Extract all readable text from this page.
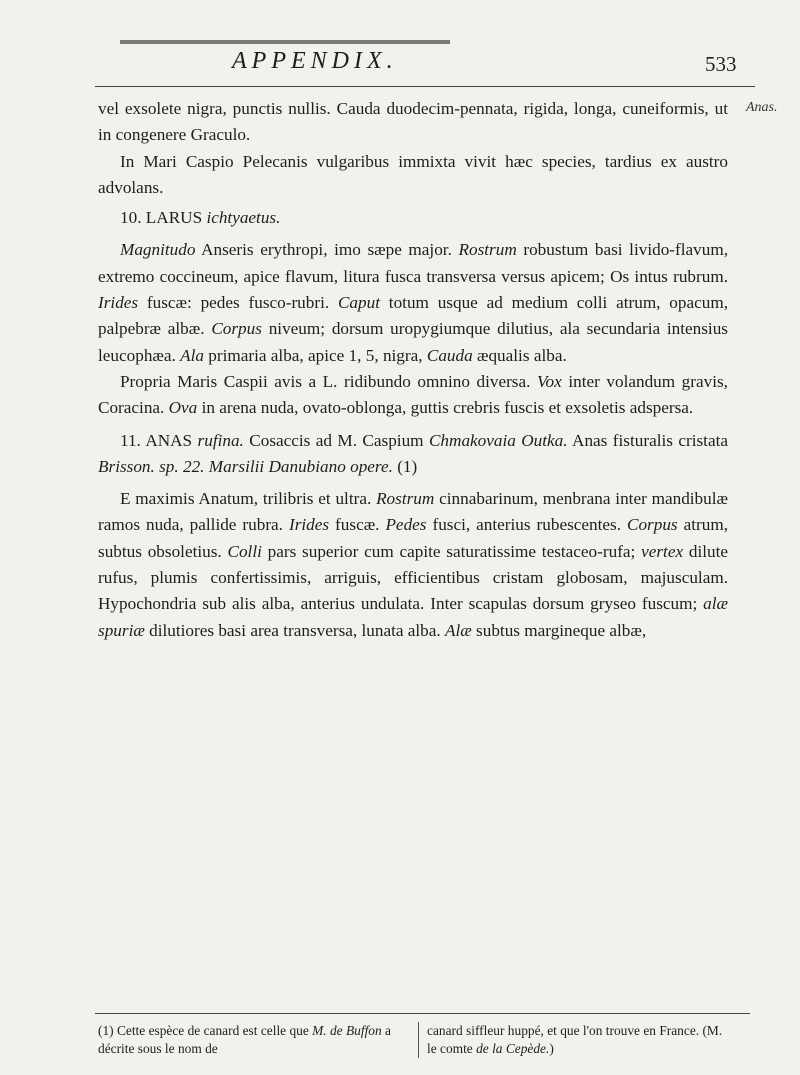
APPENDIX.	533
Anas.

vel exsolete nigra, punctis nullis. Cauda duodecim-pennata, rigida, longa, cuneiformis, ut in congenere Graculo.

In Mari Caspio Pelecanis vulgaribus immixta vivit hæc species, tardius ex austro advolans.

10. LARUS ichtyaetus.

Magnitudo Anseris erythropi, imo sæpe major. Rostrum robustum basi livido-flavum, extremo coccineum, apice flavum, litura fusca transversa versus apicem; Os intus rubrum. Irides fuscæ: pedes fusco-rubri. Caput totum usque ad medium colli atrum, opacum, palpebræ albæ. Corpus niveum; dorsum uropygiumque dilutius, ala secundaria intensius leucophæa. Ala primaria alba, apice 1, 5, nigra, Cauda æqualis alba.

Propria Maris Caspii avis a L. ridibundo omnino diversa. Vox inter volandum gravis, Coracina. Ova in arena nuda, ovato-oblonga, guttis crebris fuscis et exsoletis adspersa.

11. ANAS rufina. Cosaccis ad M. Caspium Chmakovaia Outka. Anas fisturalis cristata Brisson. sp. 22. Marsilii Danubiano opere. (1)

E maximis Anatum, trilibris et ultra. Rostrum cinnabarinum, menbrana inter mandibulæ ramos nuda, pallide rubra. Irides fuscæ. Pedes fusci, anterius rubescentes. Corpus atrum, subtus obsoletius. Colli pars superior cum capite saturatissime testaceo-rufa; vertex dilute rufus, plumis confertissimis, arriguis, efficientibus cristam globosam, majusculam. Hypochondria sub alis alba, anterius undulata. Inter scapulas dorsum gryseo fuscum; alæ spuriæ dilutiores basi area transversa, lunata alba. Alæ subtus margineque albæ,

(1) Cette espèce de canard est celle que M. de Buffon a décrite sous le nom de
canard siffleur huppé, et que l'on trouve en France. (M. le comte de la Cepède.)
